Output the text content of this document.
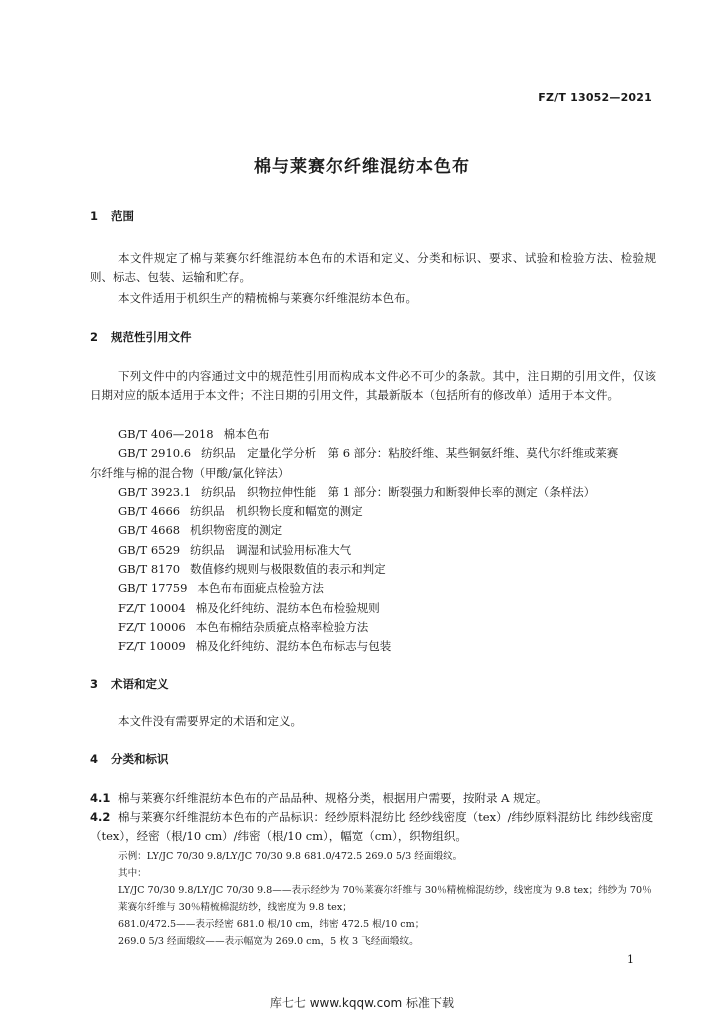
FZ/T 13052—2021
棉与莱赛尔纤维混纺本色布
1 范围
本文件规定了棉与莱赛尔纤维混纺本色布的术语和定义、分类和标识、要求、试验和检验方法、检验规则、标志、包装、运输和贮存。
本文件适用于机织生产的精梳棉与莱赛尔纤维混纺本色布。
2 规范性引用文件
下列文件中的内容通过文中的规范性引用而构成本文件必不可少的条款。其中，注日期的引用文件，仅该日期对应的版本适用于本文件；不注日期的引用文件，其最新版本（包括所有的修改单）适用于本文件。
GB/T 406—2018 棉本色布
GB/T 2910.6 纺织品　定量化学分析　第 6 部分：粘胶纤维、某些铜氨纤维、莫代尔纤维或莱赛
尔纤维与棉的混合物（甲酸/氯化锌法）
GB/T 3923.1 纺织品　织物拉伸性能　第 1 部分：断裂强力和断裂伸长率的测定（条样法）
GB/T 4666 纺织品　机织物长度和幅宽的测定
GB/T 4668 机织物密度的测定
GB/T 6529 纺织品　调湿和试验用标准大气
GB/T 8170 数值修约规则与极限数值的表示和判定
GB/T 17759 本色布布面疵点检验方法
FZ/T 10004 棉及化纤纯纺、混纺本色布检验规则
FZ/T 10006 本色布棉结杂质疵点格率检验方法
FZ/T 10009 棉及化纤纯纺、混纺本色布标志与包装
3 术语和定义
本文件没有需要界定的术语和定义。
4 分类和标识
4.1 棉与莱赛尔纤维混纺本色布的产品品种、规格分类，根据用户需要，按附录 A 规定。
4.2 棉与莱赛尔纤维混纺本色布的产品标识：经纱原料混纺比 经纱线密度（tex）/纬纱原料混纺比 纬纱线密度（tex），经密（根/10 cm）/纬密（根/10 cm），幅宽（cm），织物组织。
示例：LY/JC 70/30 9.8/LY/JC 70/30 9.8 681.0/472.5 269.0 5/3 经面缎纹。
其中：
LY/JC 70/30 9.8/LY/JC 70/30 9.8——表示经纱为 70％莱赛尔纤维与 30％精梳棉混纺纱，线密度为 9.8 tex；纬纱为 70％莱赛尔纤维与 30％精梳棉混纺纱，线密度为 9.8 tex；
681.0/472.5——表示经密 681.0 根/10 cm，纬密 472.5 根/10 cm；
269.0 5/3 经面缎纹——表示幅宽为 269.0 cm，5 枚 3 飞经面缎纹。
1
库七七 www.kqqw.com 标准下载
